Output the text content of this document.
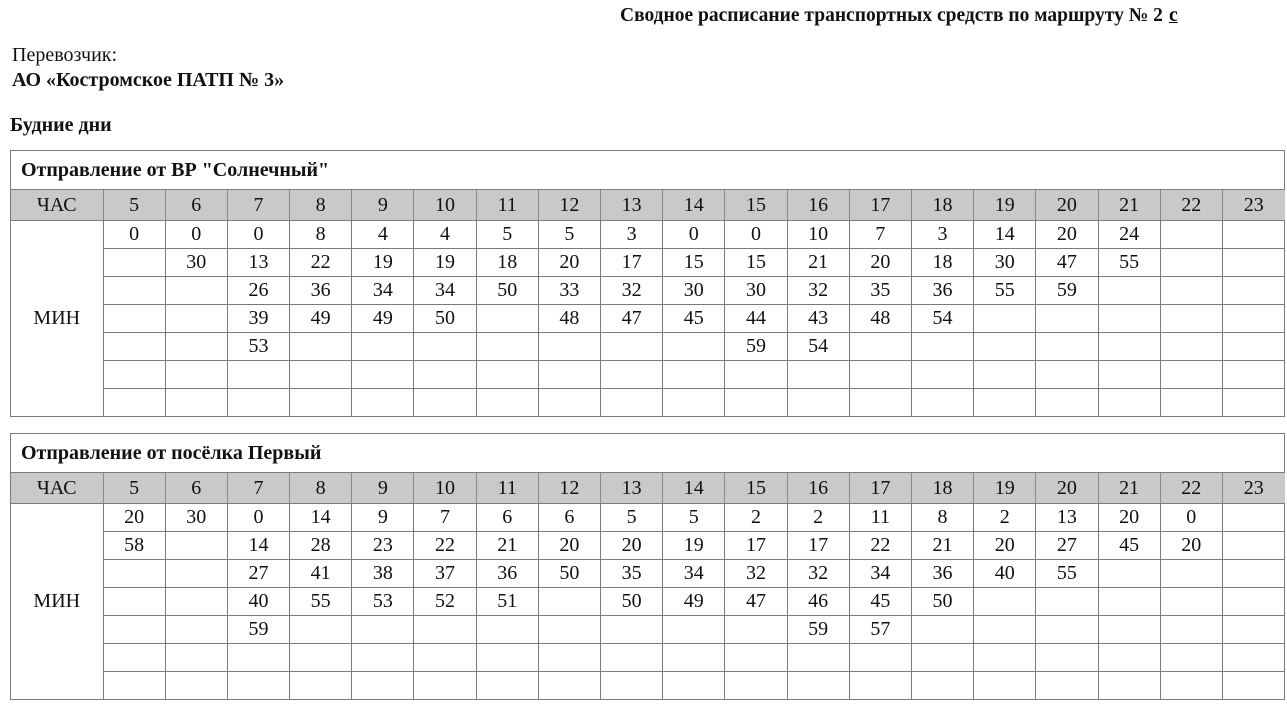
Сводное расписание транспортных средств по маршруту № 2 с
Перевозчик:
АО «Костромское ПАТП № 3»
Будние дни
Отправление от ВР "Солнечный"
ЧАС	5	6	7	8	9	10	11	12	13	14	15	16	17	18	19	20	21	22	23
МИН	0	0	0	8	4	4	5	5	3	0	0	10	7	3	14	20	24		
		30	13	22	19	19	18	20	17	15	15	21	20	18	30	47	55		
			26	36	34	34	50	33	32	30	30	32	35	36	55	59			
			39	49	49	50		48	47	45	44	43	48	54					
			53								59	54							

Отправление от посёлка Первый
ЧАС	5	6	7	8	9	10	11	12	13	14	15	16	17	18	19	20	21	22	23
МИН	20	30	0	14	9	7	6	6	5	5	2	2	11	8	2	13	20	0	
	58		14	28	23	22	21	20	20	19	17	17	22	21	20	27	45	20	
			27	41	38	37	36	50	35	34	32	32	34	36	40	55			
			40	55	53	52	51		50	49	47	46	45	50					
			59									59	57						
